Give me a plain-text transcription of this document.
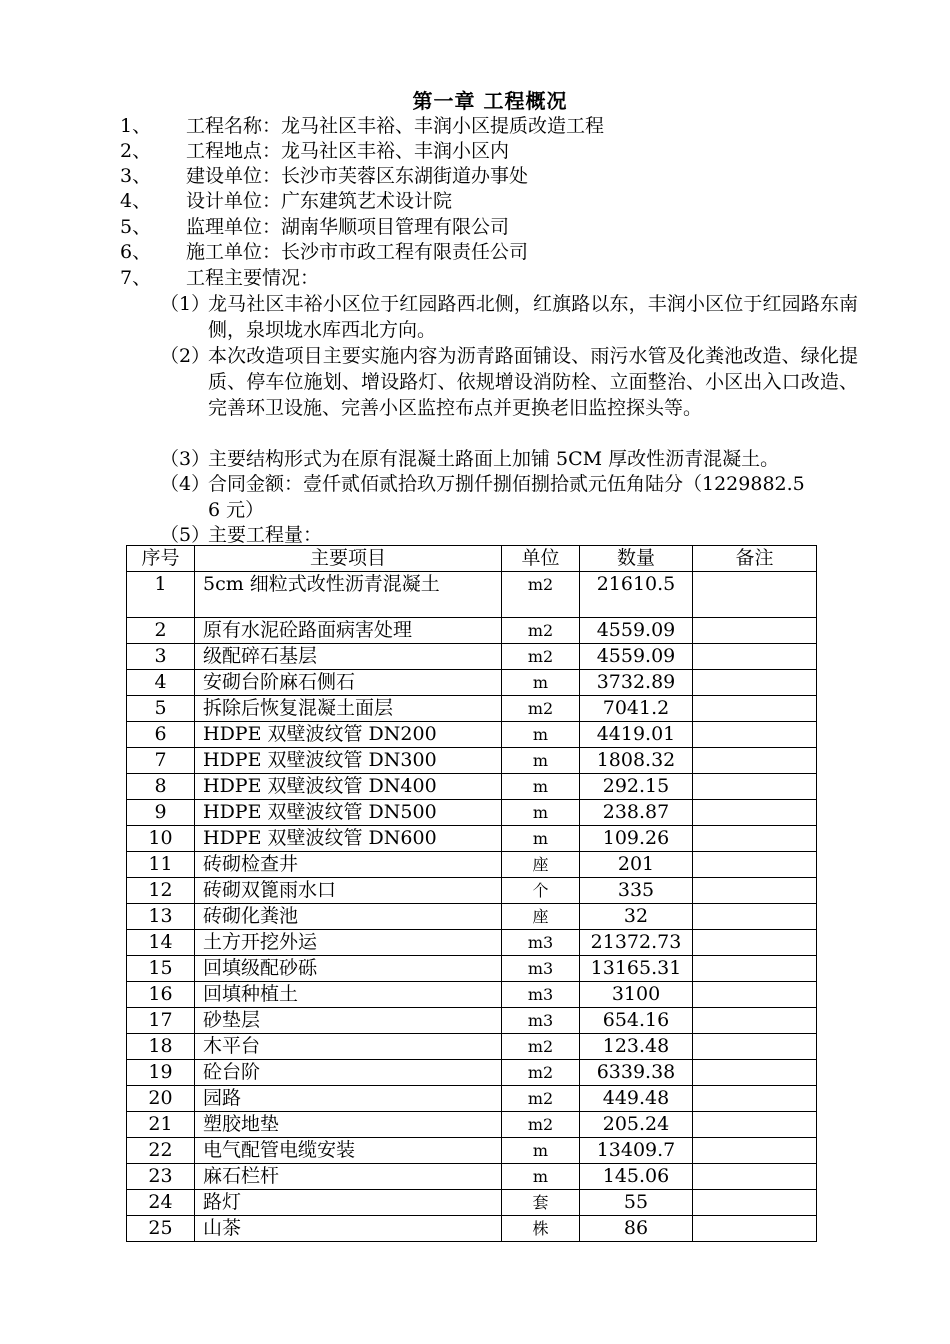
第一章 工程概况
1、 工程名称：龙马社区丰裕、丰润小区提质改造工程
2、 工程地点：龙马社区丰裕、丰润小区内
3、 建设单位：长沙市芙蓉区东湖街道办事处
4、 设计单位：广东建筑艺术设计院
5、 监理单位：湖南华顺项目管理有限公司
6、 施工单位：长沙市市政工程有限责任公司
7、 工程主要情况：
（1）
龙马社区丰裕小区位于红园路西北侧，红旗路以东，丰润小区位于红园路东南侧，泉坝垅水库西北方向。
（2）
本次改造项目主要实施内容为沥青路面铺设、雨污水管及化粪池改造、绿化提质、停车位施划、增设路灯、依规增设消防栓、立面整治、小区出入口改造、完善环卫设施、完善小区监控布点并更换老旧监控探头等。
（3）
主要结构形式为在原有混凝土路面上加铺 5CM 厚改性沥青混凝土。
（4）
合同金额：壹仟贰佰贰拾玖万捌仟捌佰捌拾贰元伍角陆分（1229882.56 元）
（5）
主要工程量：
序号	主要项目	单位	数量	备注
1	5cm 细粒式改性沥青混凝土	m2	21610.5	
2	原有水泥砼路面病害处理	m2	4559.09	
3	级配碎石基层	m2	4559.09	
4	安砌台阶麻石侧石	m	3732.89	
5	拆除后恢复混凝土面层	m2	7041.2	
6	HDPE 双壁波纹管 DN200	m	4419.01	
7	HDPE 双壁波纹管 DN300	m	1808.32	
8	HDPE 双壁波纹管 DN400	m	292.15	
9	HDPE 双壁波纹管 DN500	m	238.87	
10	HDPE 双壁波纹管 DN600	m	109.26	
11	砖砌检查井	座	201	
12	砖砌双篦雨水口	个	335	
13	砖砌化粪池	座	32	
14	土方开挖外运	m3	21372.73	
15	回填级配砂砾	m3	13165.31	
16	回填种植土	m3	3100	
17	砂垫层	m3	654.16	
18	木平台	m2	123.48	
19	砼台阶	m2	6339.38	
20	园路	m2	449.48	
21	塑胶地垫	m2	205.24	
22	电气配管电缆安装	m	13409.7	
23	麻石栏杆	m	145.06	
24	路灯	套	55	
25	山茶	株	86	
